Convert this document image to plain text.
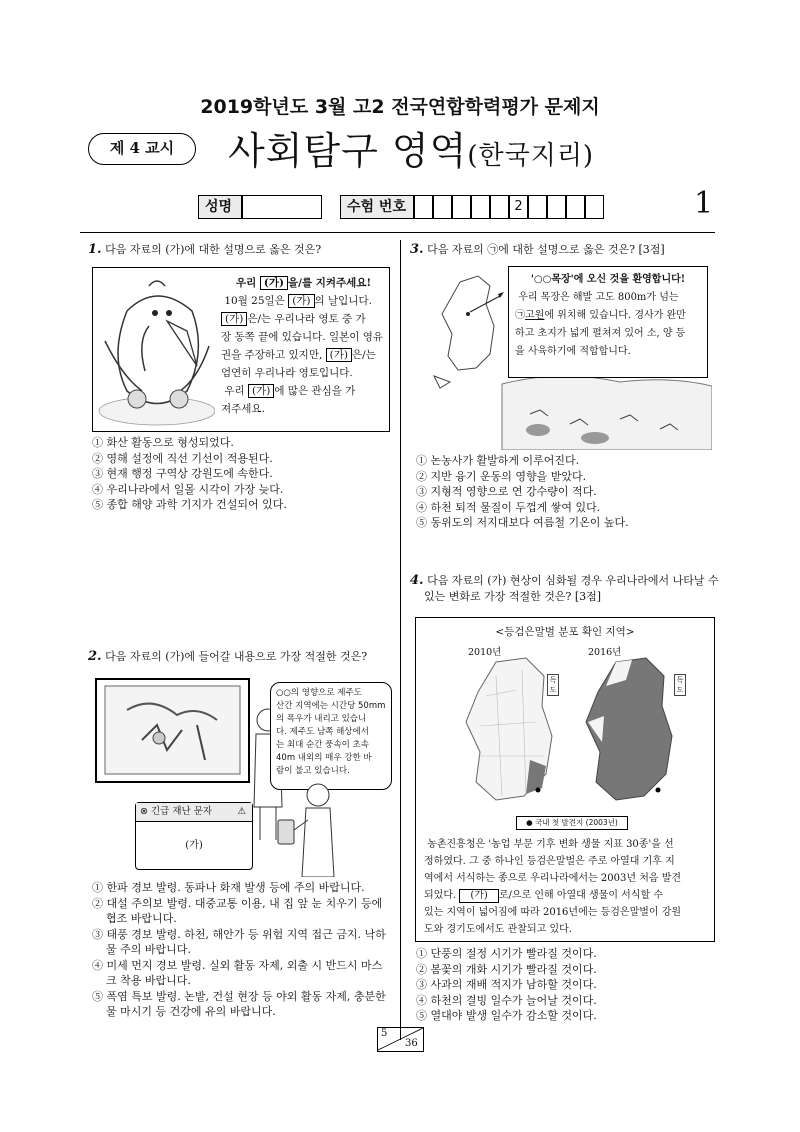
2019학년도 3월 고2 전국연합학력평가 문제지
제 4 교시	사회탐구 영역(한국지리)
성명	수험 번호	2	1
1. 다음 자료의 (가)에 대한 설명으로 옳은 것은?
우리 (가) 을/를 지켜주세요!
10월 25일은 (가) 의 날입니다.
(가) 은/는 우리나라 영토 중 가
장 동쪽 끝에 있습니다. 일본이 영유
권을 주장하고 있지만, (가) 은/는
엄연히 우리나라 영토입니다.
우리 (가) 에 많은 관심을 가
져주세요.
① 화산 활동으로 형성되었다.
② 영해 설정에 직선 기선이 적용된다.
③ 현재 행정 구역상 강원도에 속한다.
④ 우리나라에서 일몰 시각이 가장 늦다.
⑤ 종합 해양 과학 기지가 건설되어 있다.
2. 다음 자료의 (가)에 들어갈 내용으로 가장 적절한 것은?
○○의 영향으로 제주도
산간 지역에는 시간당 50mm
의 폭우가 내리고 있습니
다. 제주도 남쪽 해상에서
는 최대 순간 풍속이 초속
40m 내외의 매우 강한 바
람이 불고 있습니다.
⊗ 긴급 재난 문자	⚠
(가)
① 한파 경보 발령. 동파나 화재 발생 등에 주의 바랍니다.
② 대설 주의보 발령. 대중교통 이용, 내 집 앞 눈 치우기 등에
협조 바랍니다.
③ 태풍 경보 발령. 하천, 해안가 등 위험 지역 접근 금지. 낙하
물 주의 바랍니다.
④ 미세 먼지 경보 발령. 실외 활동 자제, 외출 시 반드시 마스
크 착용 바랍니다.
⑤ 폭염 특보 발령. 논밭, 건설 현장 등 야외 활동 자제, 충분한
물 마시기 등 건강에 유의 바랍니다.
3. 다음 자료의 ㉠에 대한 설명으로 옳은 것은? [3점]
'○○목장'에 오신 것을 환영합니다!
우리 목장은 해발 고도 800m가 넘는
㉠고원에 위치해 있습니다. 경사가 완만
하고 초지가 넓게 펼쳐져 있어 소, 양 등
을 사육하기에 적합합니다.
① 논농사가 활발하게 이루어진다.
② 지반 융기 운동의 영향을 받았다.
③ 지형적 영향으로 연 강수량이 적다.
④ 하천 퇴적 물질이 두껍게 쌓여 있다.
⑤ 동위도의 저지대보다 여름철 기온이 높다.
4. 다음 자료의 (가) 현상이 심화될 경우 우리나라에서 나타날 수
있는 변화로 가장 적절한 것은? [3점]
<등검은말벌 분포 확인 지역>
2010년	2016년
독도
독도
● 국내 첫 발견지 (2003년)
농촌진흥청은 '농업 부문 기후 변화 생물 지표 30종'을 선
정하였다. 그 중 하나인 등검은말벌은 주로 아열대 기후 지
역에서 서식하는 종으로 우리나라에서는 2003년 처음 발견
되었다. (가) 로/으로 인해 아열대 생물이 서식할 수
있는 지역이 넓어짐에 따라 2016년에는 등검은말벌이 강원
도와 경기도에서도 관찰되고 있다.
① 단풍의 절정 시기가 빨라질 것이다.
② 봄꽃의 개화 시기가 빨라질 것이다.
③ 사과의 재배 적지가 남하할 것이다.
④ 하천의 결빙 일수가 늘어날 것이다.
⑤ 열대야 발생 일수가 감소할 것이다.
5
36
